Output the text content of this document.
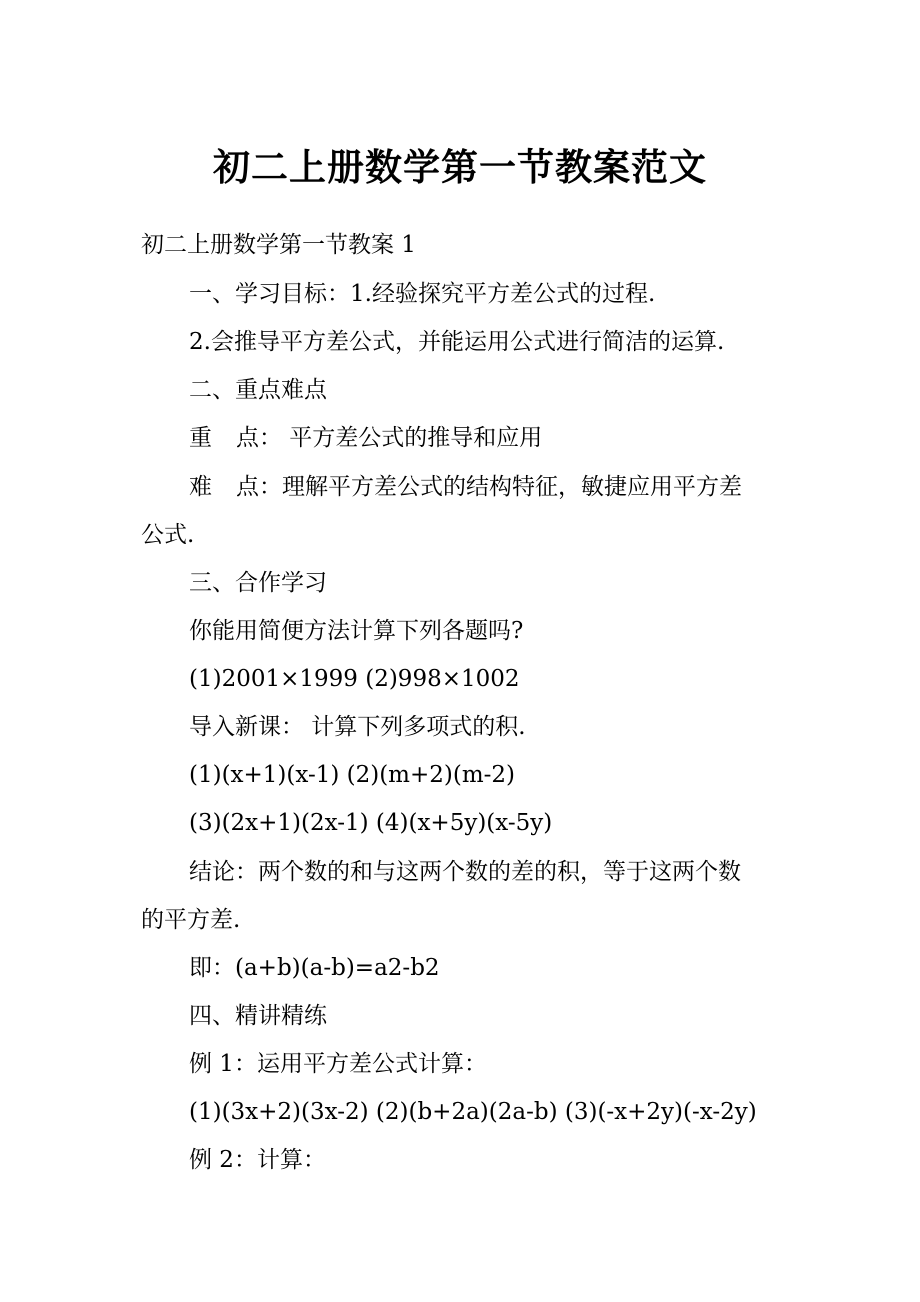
初二上册数学第一节教案范文

初二上册数学第一节教案 1

一、学习目标：1.经验探究平方差公式的过程.

2.会推导平方差公式，并能运用公式进行简洁的运算.

二、重点难点

重 点： 平方差公式的推导和应用

难 点：理解平方差公式的结构特征，敏捷应用平方差

公式.

三、合作学习

你能用简便方法计算下列各题吗?

(1)2001×1999 (2)998×1002

导入新课： 计算下列多项式的积.

(1)(x+1)(x-1) (2)(m+2)(m-2)

(3)(2x+1)(2x-1) (4)(x+5y)(x-5y)

结论：两个数的和与这两个数的差的积，等于这两个数

的平方差.

即：(a+b)(a-b)=a2-b2

四、精讲精练

例 1：运用平方差公式计算：

(1)(3x+2)(3x-2) (2)(b+2a)(2a-b) (3)(-x+2y)(-x-2y)

例 2：计算：
